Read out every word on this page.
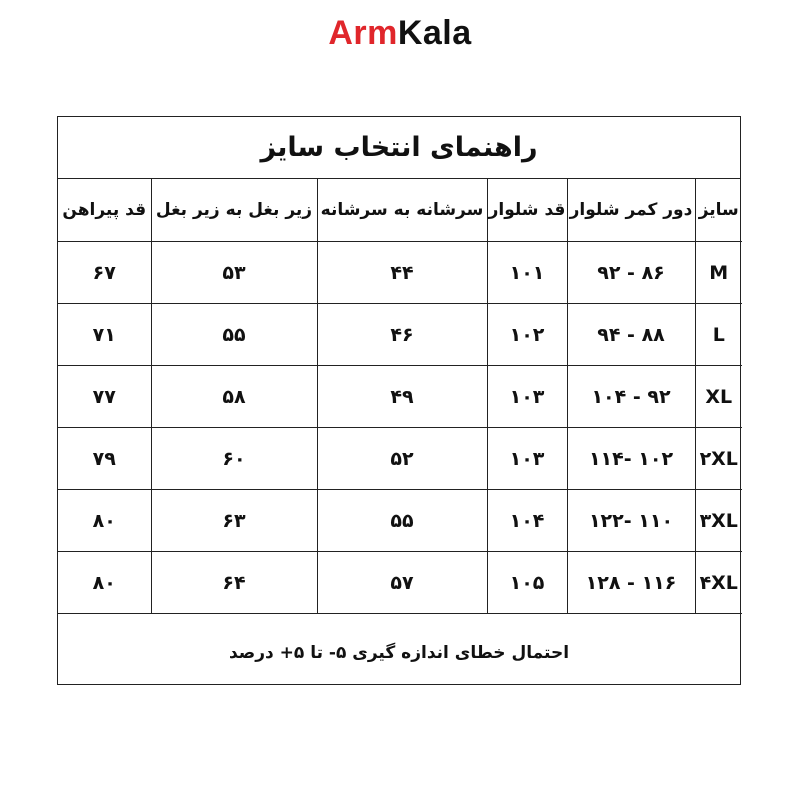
ArmKala
راهنمای انتخاب سایز
سایز	دور کمر شلوار	قد شلوار	سرشانه به سرشانه	زیر بغل به زیر بغل	قد پیراهن
M	۸۶ - ۹۲	۱۰۱	۴۴	۵۳	۶۷
L	۸۸ - ۹۴	۱۰۲	۴۶	۵۵	۷۱
XL	۹۲ - ۱۰۴	۱۰۳	۴۹	۵۸	۷۷
۲XL	۱۰۲ -۱۱۴	۱۰۳	۵۲	۶۰	۷۹
۳XL	۱۱۰ -۱۲۲	۱۰۴	۵۵	۶۳	۸۰
۴XL	۱۱۶ - ۱۲۸	۱۰۵	۵۷	۶۴	۸۰
احتمال خطای اندازه گیری ۵- تا ۵+ درصد
